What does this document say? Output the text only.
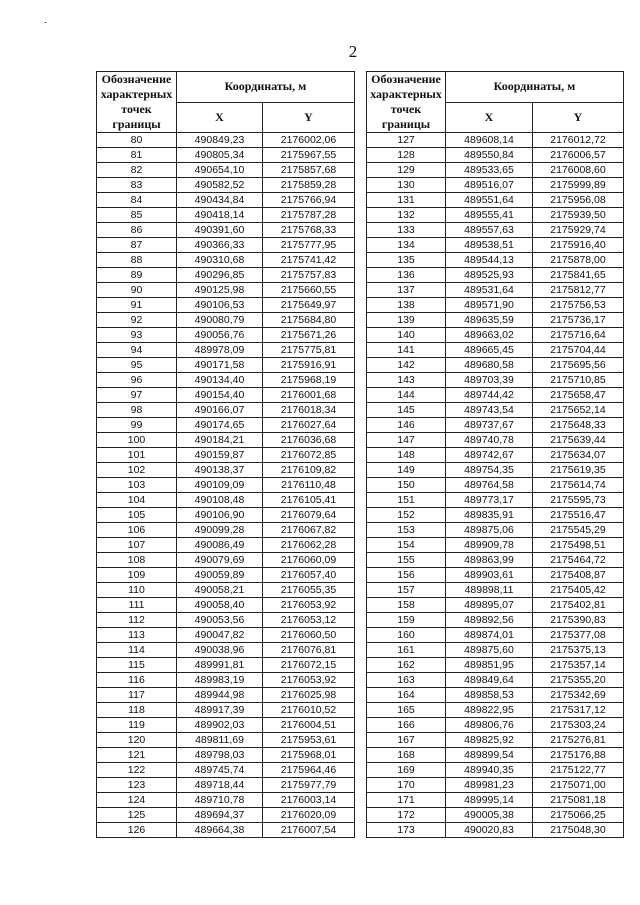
2
Обозначение характерных точек границы	Координаты, м	
	X	Y
80	490849,23	2176002,06
81	490805,34	2175967,55
82	490654,10	2175857,68
83	490582,52	2175859,28
84	490434,84	2175766,94
85	490418,14	2175787,28
86	490391,60	2175768,33
87	490366,33	2175777,95
88	490310,68	2175741,42
89	490296,85	2175757,83
90	490125,98	2175660,55
91	490106,53	2175649,97
92	490080,79	2175684,80
93	490056,76	2175671,26
94	489978,09	2175775,81
95	490171,58	2175916,91
96	490134,40	2175968,19
97	490154,40	2176001,68
98	490166,07	2176018,34
99	490174,65	2176027,64
100	490184,21	2176036,68
101	490159,87	2176072,85
102	490138,37	2176109,82
103	490109,09	2176110,48
104	490108,48	2176105,41
105	490106,90	2176079,64
106	490099,28	2176067,82
107	490086,49	2176062,28
108	490079,69	2176060,09
109	490059,89	2176057,40
110	490058,21	2176055,35
111	490058,40	2176053,92
112	490053,56	2176053,12
113	490047,82	2176060,50
114	490038,96	2176076,81
115	489991,81	2176072,15
116	489983,19	2176053,92
117	489944,98	2176025,98
118	489917,39	2176010,52
119	489902,03	2176004,51
120	489811,69	2175953,61
121	489798,03	2175968,01
122	489745,74	2175964,46
123	489718,44	2175977,79
124	489710,78	2176003,14
125	489694,37	2176020,09
126	489664,38	2176007,54
Обозначение характерных точек границы	Координаты, м	
	X	Y
127	489608,14	2176012,72
128	489550,84	2176006,57
129	489533,65	2176008,60
130	489516,07	2175999,89
131	489551,64	2175956,08
132	489555,41	2175939,50
133	489557,63	2175929,74
134	489538,51	2175916,40
135	489544,13	2175878,00
136	489525,93	2175841,65
137	489531,64	2175812,77
138	489571,90	2175756,53
139	489635,59	2175736,17
140	489663,02	2175716,64
141	489665,45	2175704,44
142	489680,58	2175695,56
143	489703,39	2175710,85
144	489744,42	2175658,47
145	489743,54	2175652,14
146	489737,67	2175648,33
147	489740,78	2175639,44
148	489742,67	2175634,07
149	489754,35	2175619,35
150	489764,58	2175614,74
151	489773,17	2175595,73
152	489835,91	2175516,47
153	489875,06	2175545,29
154	489909,78	2175498,51
155	489863,99	2175464,72
156	489903,61	2175408,87
157	489898,11	2175405,42
158	489895,07	2175402,81
159	489892,56	2175390,83
160	489874,01	2175377,08
161	489875,60	2175375,13
162	489851,95	2175357,14
163	489849,64	2175355,20
164	489858,53	2175342,69
165	489822,95	2175317,12
166	489806,76	2175303,24
167	489825,92	2175276,81
168	489899,54	2175176,88
169	489940,35	2175122,77
170	489981,23	2175071,00
171	489995,14	2175081,18
172	490005,38	2175066,25
173	490020,83	2175048,30
